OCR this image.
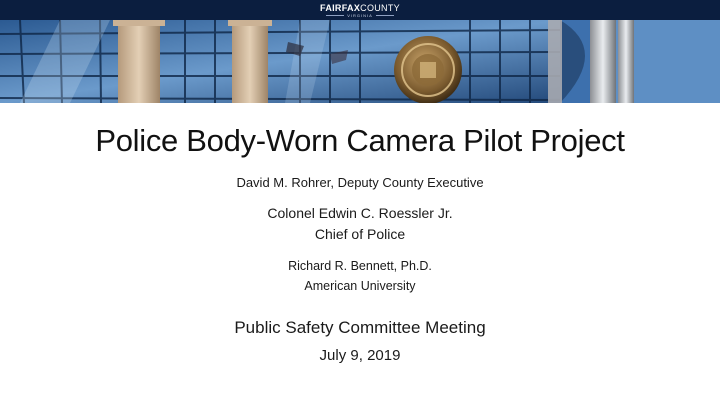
FAIRFAXCOUNTY
VIRGINIA
Police Body-Worn Camera Pilot Project
David M. Rohrer, Deputy County Executive
Colonel Edwin C. Roessler Jr.
Chief of Police
Richard R. Bennett, Ph.D.
American University
Public Safety Committee Meeting
July 9, 2019
